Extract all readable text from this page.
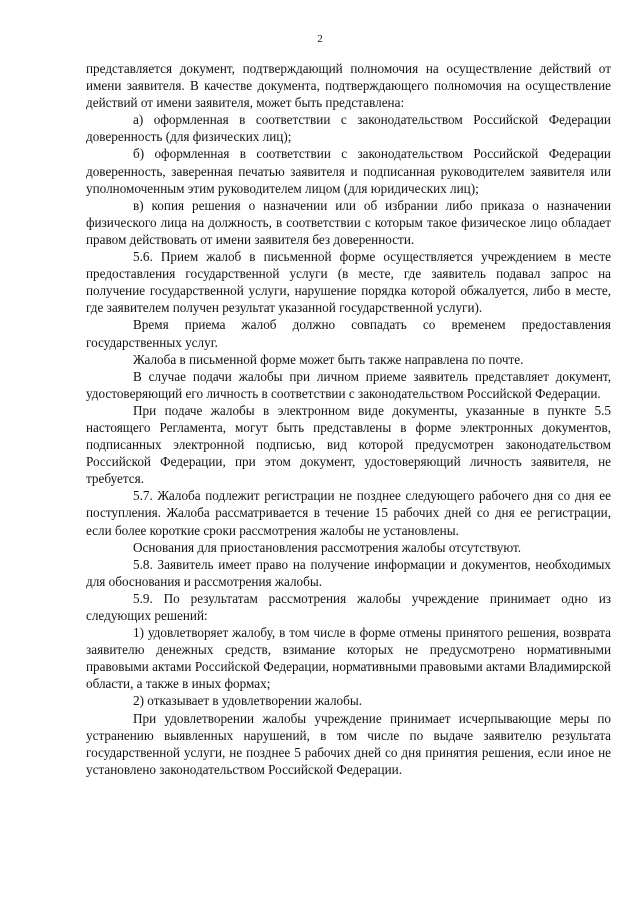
2

представляется документ, подтверждающий полномочия на осуществление действий от имени заявителя. В качестве документа, подтверждающего полномочия на осуществление действий от имени заявителя, может быть представлена:

а) оформленная в соответствии с законодательством Российской Федерации доверенность (для физических лиц);

б) оформленная в соответствии с законодательством Российской Федерации доверенность, заверенная печатью заявителя и подписанная руководителем заявителя или уполномоченным этим руководителем лицом (для юридических лиц);

в) копия решения о назначении или об избрании либо приказа о назначении физического лица на должность, в соответствии с которым такое физическое лицо обладает правом действовать от имени заявителя без доверенности.

5.6. Прием жалоб в письменной форме осуществляется учреждением в месте предоставления государственной услуги (в месте, где заявитель подавал запрос на получение государственной услуги, нарушение порядка которой обжалуется, либо в месте, где заявителем получен результат указанной государственной услуги).

Время приема жалоб должно совпадать со временем предоставления государственных услуг.

Жалоба в письменной форме может быть также направлена по почте.

В случае подачи жалобы при личном приеме заявитель представляет документ, удостоверяющий его личность в соответствии с законодательством Российской Федерации.

При подаче жалобы в электронном виде документы, указанные в пункте 5.5 настоящего Регламента, могут быть представлены в форме электронных документов, подписанных электронной подписью, вид которой предусмотрен законодательством Российской Федерации, при этом документ, удостоверяющий личность заявителя, не требуется.

5.7. Жалоба подлежит регистрации не позднее следующего рабочего дня со дня ее поступления. Жалоба рассматривается в течение 15 рабочих дней со дня ее регистрации, если более короткие сроки рассмотрения жалобы не установлены.

Основания для приостановления рассмотрения жалобы отсутствуют.

5.8. Заявитель имеет право на получение информации и документов, необходимых для обоснования и рассмотрения жалобы.

5.9. По результатам рассмотрения жалобы учреждение принимает одно из следующих решений:

1) удовлетворяет жалобу, в том числе в форме отмены принятого решения, возврата заявителю денежных средств, взимание которых не предусмотрено нормативными правовыми актами Российской Федерации, нормативными правовыми актами Владимирской области, а также в иных формах;

2) отказывает в удовлетворении жалобы.

При удовлетворении жалобы учреждение принимает исчерпывающие меры по устранению выявленных нарушений, в том числе по выдаче заявителю результата государственной услуги, не позднее 5 рабочих дней со дня принятия решения, если иное не установлено законодательством Российской Федерации.
